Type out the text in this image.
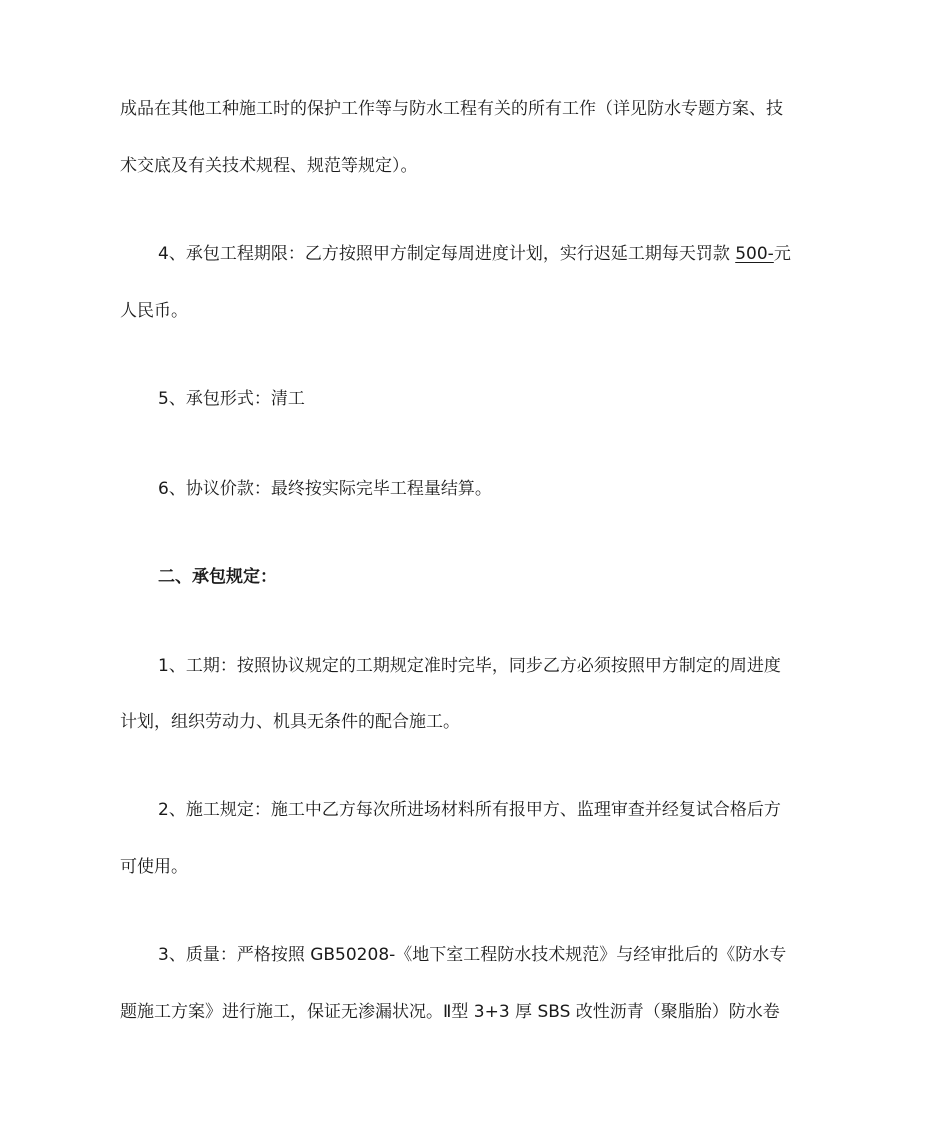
成品在其他工种施工时的保护工作等与防水工程有关的所有工作（详见防水专题方案、技
术交底及有关技术规程、规范等规定）。
4、承包工程期限：乙方按照甲方制定每周进度计划，实行迟延工期每天罚款 500-元
人民币。
5、承包形式：清工
6、协议价款：最终按实际完毕工程量结算。
二、承包规定：
1、工期：按照协议规定的工期规定准时完毕，同步乙方必须按照甲方制定的周进度
计划，组织劳动力、机具无条件的配合施工。
2、施工规定：施工中乙方每次所进场材料所有报甲方、监理审查并经复试合格后方
可使用。
3、质量：严格按照 GB50208-《地下室工程防水技术规范》与经审批后的《防水专
题施工方案》进行施工，保证无渗漏状况。Ⅱ型 3+3 厚 SBS 改性沥青（聚脂胎）防水卷
